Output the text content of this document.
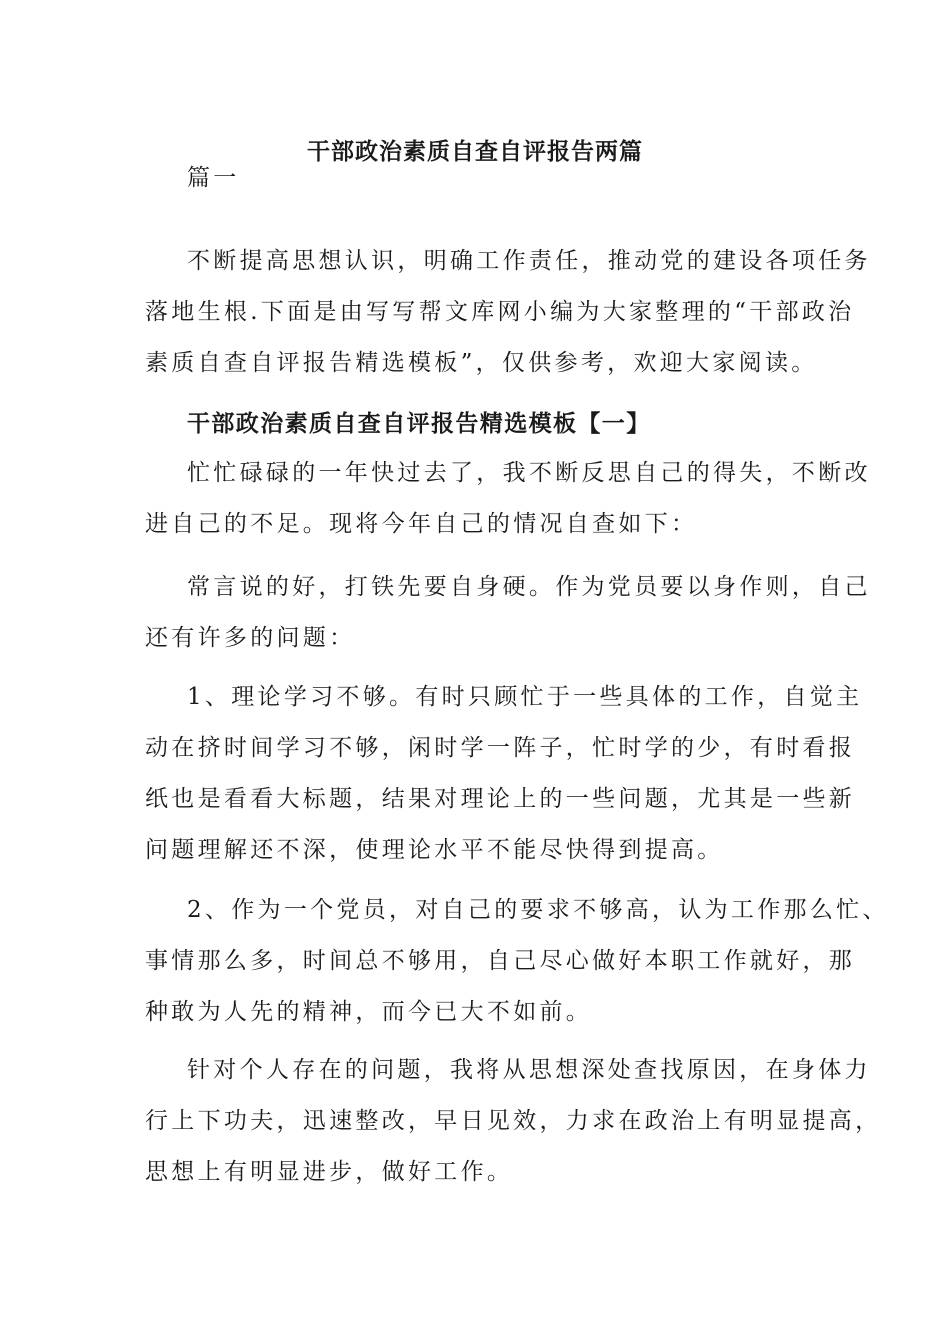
干部政治素质自查自评报告两篇
篇一
不断提高思想认识，明确工作责任，推动党的建设各项任务
落地生根.下面是由写写帮文库网小编为大家整理的“干部政治
素质自查自评报告精选模板”，仅供参考，欢迎大家阅读。
干部政治素质自查自评报告精选模板【一】
忙忙碌碌的一年快过去了，我不断反思自己的得失，不断改
进自己的不足。现将今年自己的情况自查如下：
常言说的好，打铁先要自身硬。作为党员要以身作则，自己
还有许多的问题：
1、理论学习不够。有时只顾忙于一些具体的工作，自觉主
动在挤时间学习不够，闲时学一阵子，忙时学的少，有时看报
纸也是看看大标题，结果对理论上的一些问题，尤其是一些新
问题理解还不深，使理论水平不能尽快得到提高。
2、作为一个党员，对自己的要求不够高，认为工作那么忙、
事情那么多，时间总不够用，自己尽心做好本职工作就好，那
种敢为人先的精神，而今已大不如前。
针对个人存在的问题，我将从思想深处查找原因，在身体力
行上下功夫，迅速整改，早日见效，力求在政治上有明显提高，
思想上有明显进步，做好工作。
